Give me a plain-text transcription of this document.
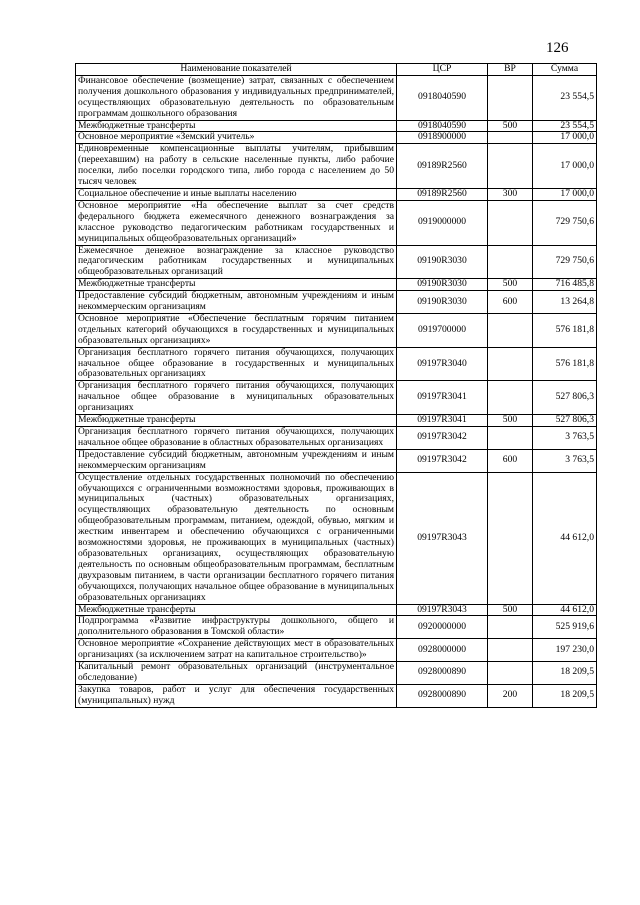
126
Наименование показателей	ЦСР	ВР	Сумма
Финансовое обеспечение (возмещение) затрат, связанных с обеспечением получения дошкольного образования у индивидуальных предпринимателей, осуществляющих образовательную деятельность по образовательным программам дошкольного образования	0918040590		23 554,5
Межбюджетные трансферты	0918040590	500	23 554,5
Основное мероприятие «Земский учитель»	0918900000		17 000,0
Единовременные компенсационные выплаты учителям, прибывшим (переехавшим) на работу в сельские населенные пункты, либо рабочие поселки, либо поселки городского типа, либо города с населением до 50 тысяч человек	09189R2560		17 000,0
Социальное обеспечение и иные выплаты населению	09189R2560	300	17 000,0
Основное мероприятие «На обеспечение выплат за счет средств федерального бюджета ежемесячного денежного вознаграждения за классное руководство педагогическим работникам государственных и муниципальных общеобразовательных организаций»	0919000000		729 750,6
Ежемесячное денежное вознаграждение за классное руководство педагогическим работникам государственных и муниципальных общеобразовательных организаций	09190R3030		729 750,6
Межбюджетные трансферты	09190R3030	500	716 485,8
Предоставление субсидий бюджетным, автономным учреждениям и иным некоммерческим организациям	09190R3030	600	13 264,8
Основное мероприятие «Обеспечение бесплатным горячим питанием отдельных категорий обучающихся в государственных и муниципальных образовательных организациях»	0919700000		576 181,8
Организация бесплатного горячего питания обучающихся, получающих начальное общее образование в государственных и муниципальных образовательных организациях	09197R3040		576 181,8
Организация бесплатного горячего питания обучающихся, получающих начальное общее образование в муниципальных образовательных организациях	09197R3041		527 806,3
Межбюджетные трансферты	09197R3041	500	527 806,3
Организация бесплатного горячего питания обучающихся, получающих начальное общее образование в областных образовательных организациях	09197R3042		3 763,5
Предоставление субсидий бюджетным, автономным учреждениям и иным некоммерческим организациям	09197R3042	600	3 763,5
Осуществление отдельных государственных полномочий по обеспечению обучающихся с ограниченными возможностями здоровья, проживающих в муниципальных (частных) образовательных организациях, осуществляющих образовательную деятельность по основным общеобразовательным программам, питанием, одеждой, обувью, мягким и жестким инвентарем и обеспечению обучающихся с ограниченными возможностями здоровья, не проживающих в муниципальных (частных) образовательных организациях, осуществляющих образовательную деятельность по основным общеобразовательным программам, бесплатным двухразовым питанием, в части организации бесплатного горячего питания обучающихся, получающих начальное общее образование в муниципальных образовательных организациях	09197R3043		44 612,0
Межбюджетные трансферты	09197R3043	500	44 612,0
Подпрограмма «Развитие инфраструктуры дошкольного, общего и дополнительного образования в Томской области»	0920000000		525 919,6
Основное мероприятие «Сохранение действующих мест в образовательных организациях (за исключением затрат на капитальное строительство)»	0928000000		197 230,0
Капитальный ремонт образовательных организаций (инструментальное обследование)	0928000890		18 209,5
Закупка товаров, работ и услуг для обеспечения государственных (муниципальных) нужд	0928000890	200	18 209,5
